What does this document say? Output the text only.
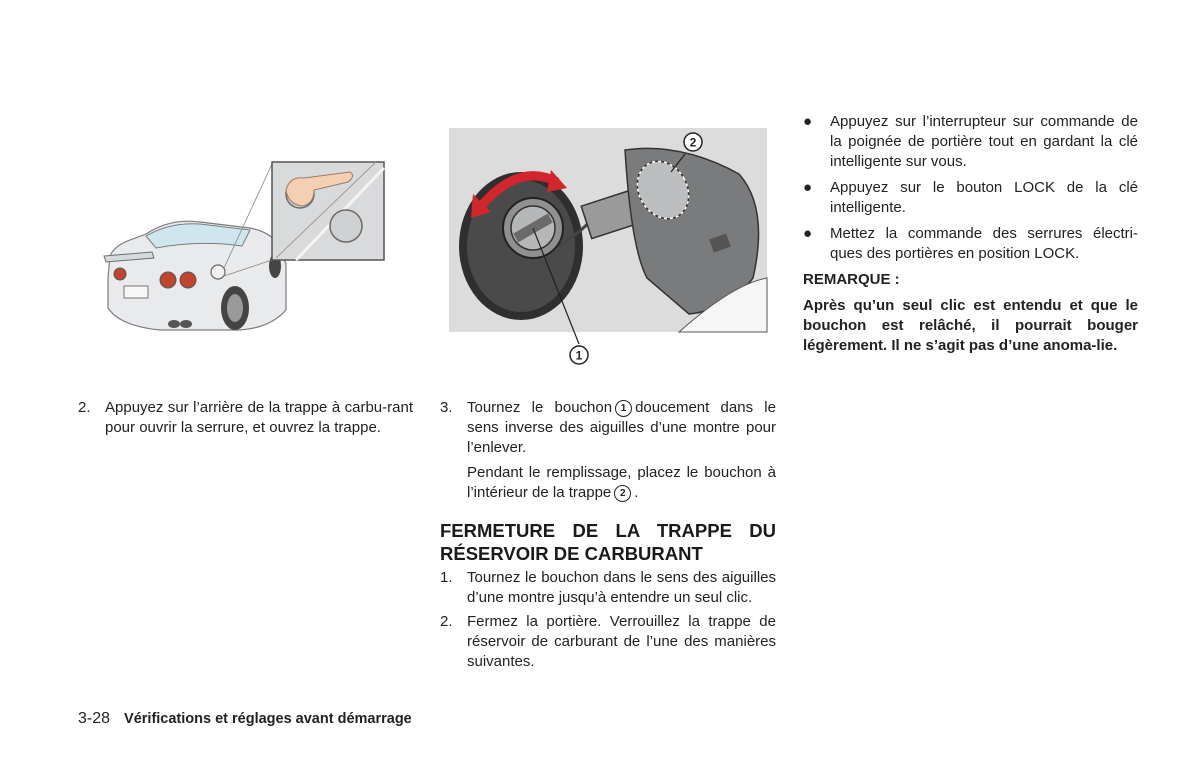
1
2
2. Appuyez sur l’arrière de la trappe à carbu-rant pour ouvrir la serrure, et ouvrez la trappe.

3. Tournez le bouchon 1 doucement dans le sens inverse des aiguilles d’une montre pour l’enlever.

Pendant le remplissage, placez le bouchon à l’intérieur de la trappe 2 .

FERMETURE DE LA TRAPPE DU RÉSERVOIR DE CARBURANT
1. Tournez le bouchon dans le sens des aiguilles d’une montre jusqu’à entendre un seul clic.

2. Fermez la portière. Verrouillez la trappe de réservoir de carburant de l’une des manières suivantes.

● Appuyez sur l’interrupteur sur commande de la poignée de portière tout en gardant la clé intelligente sur vous.
● Appuyez sur le bouton LOCK de la clé intelligente.
● Mettez la commande des serrures électri-ques des portières en position LOCK.
REMARQUE :
Après qu’un seul clic est entendu et que le bouchon est relâché, il pourrait bouger légèrement. Il ne s’agit pas d’une anoma-lie.
3-28 Vérifications et réglages avant démarrage
